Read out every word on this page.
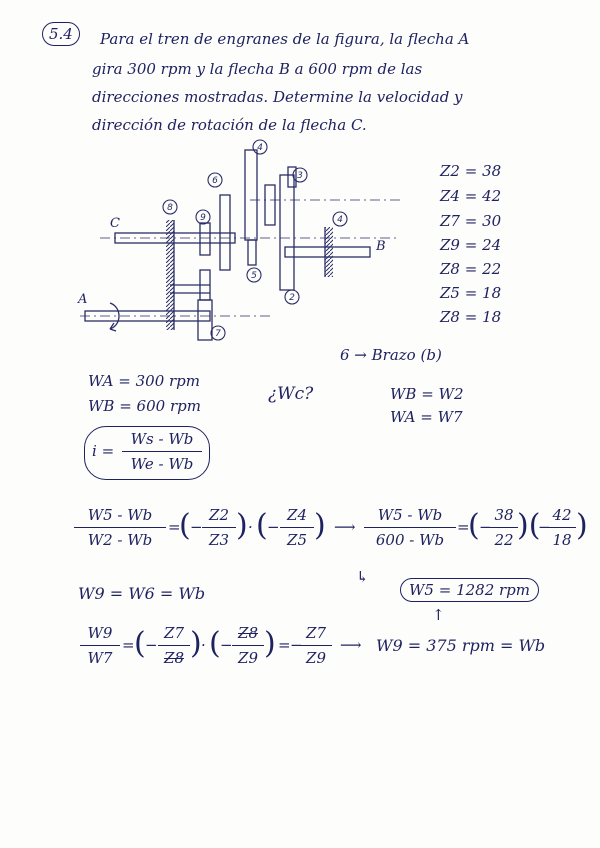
5.4	Para el tren de engranes de la figura, la flecha A
gira 300 rpm y la flecha B a 600 rpm de las
direcciones mostradas. Determine la velocidad y
dirección de rotación de la flecha C.
4
6
8
9
3
4
5
2
7
C
B
A
Z2 = 38
Z4 = 42
Z7 = 30
Z9 = 24
Z8 = 22
Z5 = 18
Z8 = 18
6 → Brazo (b)
WA = 300 rpm
WB = 600 rpm
¿Wc?	WB = W2
WA = W7
i =
Ws - Wb
We - Wb
W5 - Wb
W2 - Wb
=
( −
Z2
Z3 ) · ( −
Z4
Z5 ) ⟶
W5 - Wb
600 - Wb
=
( −
38
22 )(
−
42
18 )
↳
W5 = 1282 rpm
↑
W9 = W6 = Wb
W9
W7
= ( −
Z7
Z8 ) · ( −
Z8
Z9 ) = −
Z7
Z9
⟶ W9 = 375 rpm = Wb
